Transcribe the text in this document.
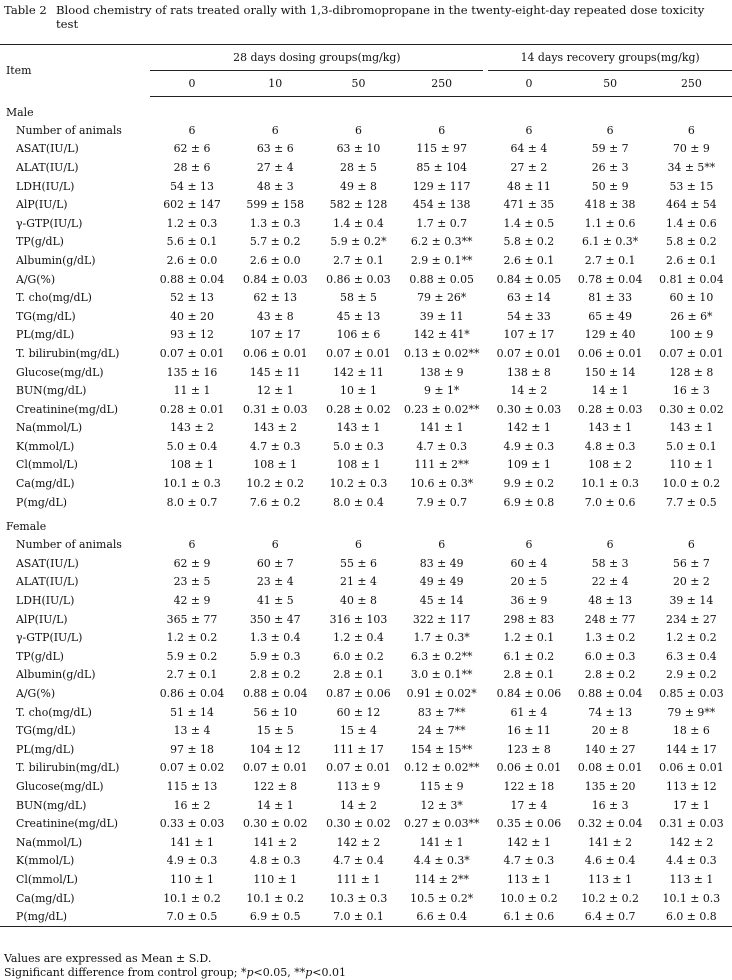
Table 2 Blood chemistry of rats treated orally with 1,3-dibromopropane in the twenty-eight-day repeated dose toxicity test
Item	28 days dosing groups(mg/kg)					14 days recovery groups(mg/kg)		
	0	10	50	250		0	50	250
Male								
Number of animals	6	6	6	6		6	6	6
ASAT(IU/L)	62 ± 6	63 ± 6	63 ± 10	115 ± 97		64 ± 4	59 ± 7	70 ± 9
ALAT(IU/L)	28 ± 6	27 ± 4	28 ± 5	85 ± 104		27 ± 2	26 ± 3	34 ± 5**
LDH(IU/L)	54 ± 13	48 ± 3	49 ± 8	129 ± 117		48 ± 11	50 ± 9	53 ± 15
AlP(IU/L)	602 ± 147	599 ± 158	582 ± 128	454 ± 138		471 ± 35	418 ± 38	464 ± 54
γ-GTP(IU/L)	1.2 ± 0.3	1.3 ± 0.3	1.4 ± 0.4	1.7 ± 0.7		1.4 ± 0.5	1.1 ± 0.6	1.4 ± 0.6
TP(g/dL)	5.6 ± 0.1	5.7 ± 0.2	5.9 ± 0.2*	6.2 ± 0.3**		5.8 ± 0.2	6.1 ± 0.3*	5.8 ± 0.2
Albumin(g/dL)	2.6 ± 0.0	2.6 ± 0.0	2.7 ± 0.1	2.9 ± 0.1**		2.6 ± 0.1	2.7 ± 0.1	2.6 ± 0.1
A/G(%)	0.88 ± 0.04	0.84 ± 0.03	0.86 ± 0.03	0.88 ± 0.05		0.84 ± 0.05	0.78 ± 0.04	0.81 ± 0.04
T. cho(mg/dL)	52 ± 13	62 ± 13	58 ± 5	79 ± 26*		63 ± 14	81 ± 33	60 ± 10
TG(mg/dL)	40 ± 20	43 ± 8	45 ± 13	39 ± 11		54 ± 33	65 ± 49	26 ± 6*
PL(mg/dL)	93 ± 12	107 ± 17	106 ± 6	142 ± 41*		107 ± 17	129 ± 40	100 ± 9
T. bilirubin(mg/dL)	0.07 ± 0.01	0.06 ± 0.01	0.07 ± 0.01	0.13 ± 0.02**		0.07 ± 0.01	0.06 ± 0.01	0.07 ± 0.01
Glucose(mg/dL)	135 ± 16	145 ± 11	142 ± 11	138 ± 9		138 ± 8	150 ± 14	128 ± 8
BUN(mg/dL)	11 ± 1	12 ± 1	10 ± 1	9 ± 1*		14 ± 2	14 ± 1	16 ± 3
Creatinine(mg/dL)	0.28 ± 0.01	0.31 ± 0.03	0.28 ± 0.02	0.23 ± 0.02**		0.30 ± 0.03	0.28 ± 0.03	0.30 ± 0.02
Na(mmol/L)	143 ± 2	143 ± 2	143 ± 1	141 ± 1		142 ± 1	143 ± 1	143 ± 1
K(mmol/L)	5.0 ± 0.4	4.7 ± 0.3	5.0 ± 0.3	4.7 ± 0.3		4.9 ± 0.3	4.8 ± 0.3	5.0 ± 0.1
Cl(mmol/L)	108 ± 1	108 ± 1	108 ± 1	111 ± 2**		109 ± 1	108 ± 2	110 ± 1
Ca(mg/dL)	10.1 ± 0.3	10.2 ± 0.2	10.2 ± 0.3	10.6 ± 0.3*		9.9 ± 0.2	10.1 ± 0.3	10.0 ± 0.2
P(mg/dL)	8.0 ± 0.7	7.6 ± 0.2	8.0 ± 0.4	7.9 ± 0.7		6.9 ± 0.8	7.0 ± 0.6	7.7 ± 0.5
Female								
Number of animals	6	6	6	6		6	6	6
ASAT(IU/L)	62 ± 9	60 ± 7	55 ± 6	83 ± 49		60 ± 4	58 ± 3	56 ± 7
ALAT(IU/L)	23 ± 5	23 ± 4	21 ± 4	49 ± 49		20 ± 5	22 ± 4	20 ± 2
LDH(IU/L)	42 ± 9	41 ± 5	40 ± 8	45 ± 14		36 ± 9	48 ± 13	39 ± 14
AlP(IU/L)	365 ± 77	350 ± 47	316 ± 103	322 ± 117		298 ± 83	248 ± 77	234 ± 27
γ-GTP(IU/L)	1.2 ± 0.2	1.3 ± 0.4	1.2 ± 0.4	1.7 ± 0.3*		1.2 ± 0.1	1.3 ± 0.2	1.2 ± 0.2
TP(g/dL)	5.9 ± 0.2	5.9 ± 0.3	6.0 ± 0.2	6.3 ± 0.2**		6.1 ± 0.2	6.0 ± 0.3	6.3 ± 0.4
Albumin(g/dL)	2.7 ± 0.1	2.8 ± 0.2	2.8 ± 0.1	3.0 ± 0.1**		2.8 ± 0.1	2.8 ± 0.2	2.9 ± 0.2
A/G(%)	0.86 ± 0.04	0.88 ± 0.04	0.87 ± 0.06	0.91 ± 0.02*		0.84 ± 0.06	0.88 ± 0.04	0.85 ± 0.03
T. cho(mg/dL)	51 ± 14	56 ± 10	60 ± 12	83 ± 7**		61 ± 4	74 ± 13	79 ± 9**
TG(mg/dL)	13 ± 4	15 ± 5	15 ± 4	24 ± 7**		16 ± 11	20 ± 8	18 ± 6
PL(mg/dL)	97 ± 18	104 ± 12	111 ± 17	154 ± 15**		123 ± 8	140 ± 27	144 ± 17
T. bilirubin(mg/dL)	0.07 ± 0.02	0.07 ± 0.01	0.07 ± 0.01	0.12 ± 0.02**		0.06 ± 0.01	0.08 ± 0.01	0.06 ± 0.01
Glucose(mg/dL)	115 ± 13	122 ± 8	113 ± 9	115 ± 9		122 ± 18	135 ± 20	113 ± 12
BUN(mg/dL)	16 ± 2	14 ± 1	14 ± 2	12 ± 3*		17 ± 4	16 ± 3	17 ± 1
Creatinine(mg/dL)	0.33 ± 0.03	0.30 ± 0.02	0.30 ± 0.02	0.27 ± 0.03**		0.35 ± 0.06	0.32 ± 0.04	0.31 ± 0.03
Na(mmol/L)	141 ± 1	141 ± 2	142 ± 2	141 ± 1		142 ± 1	141 ± 2	142 ± 2
K(mmol/L)	4.9 ± 0.3	4.8 ± 0.3	4.7 ± 0.4	4.4 ± 0.3*		4.7 ± 0.3	4.6 ± 0.4	4.4 ± 0.3
Cl(mmol/L)	110 ± 1	110 ± 1	111 ± 1	114 ± 2**		113 ± 1	113 ± 1	113 ± 1
Ca(mg/dL)	10.1 ± 0.2	10.1 ± 0.2	10.3 ± 0.3	10.5 ± 0.2*		10.0 ± 0.2	10.2 ± 0.2	10.1 ± 0.3
P(mg/dL)	7.0 ± 0.5	6.9 ± 0.5	7.0 ± 0.1	6.6 ± 0.4		6.1 ± 0.6	6.4 ± 0.7	6.0 ± 0.8
Values are expressed as Mean ± S.D.
Significant difference from control group; *p<0.05, **p<0.01
